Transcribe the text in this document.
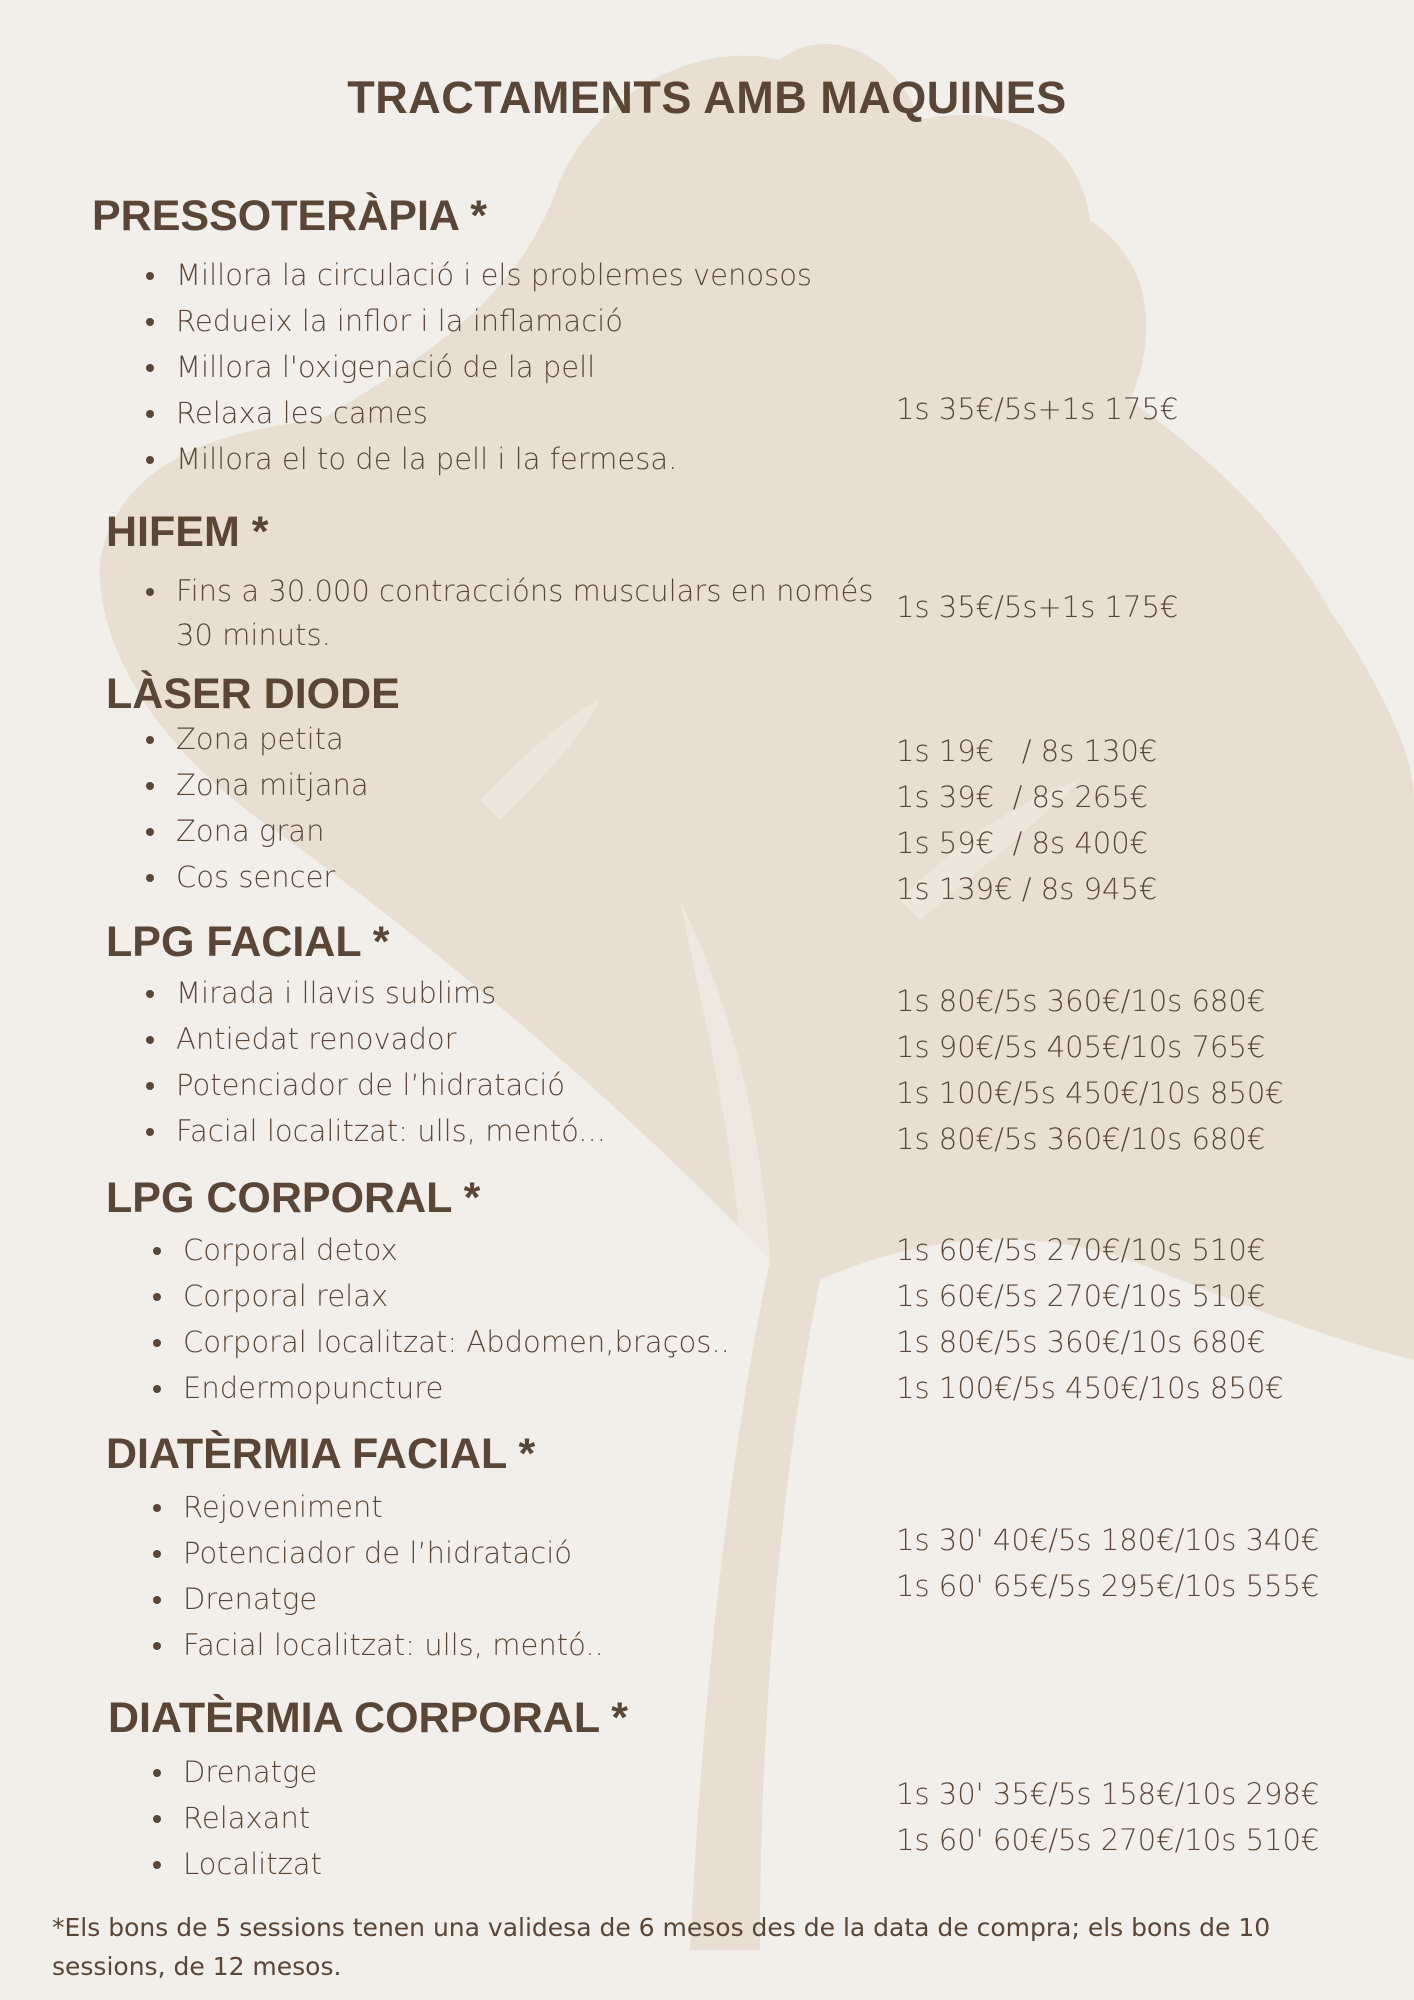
TRACTAMENTS AMB MAQUINES
PRESSOTERÀPIA *
Millora la circulació i els problemes venosos
Redueix la inflor i la inflamació
Millora l'oxigenació de la pell
Relaxa les cames
Millora el to de la pell i la fermesa.
1s 35€/5s+1s 175€
HIFEM *
Fins a 30.000 contraccións musculars en només
30 minuts.
1s 35€/5s+1s 175€
LÀSER DIODE
Zona petita
Zona mitjana
Zona gran
Cos sencer
1s 19€   / 8s 130€
1s 39€  / 8s 265€
1s 59€  / 8s 400€
1s 139€ / 8s 945€
LPG FACIAL *
Mirada i llavis sublims
Antiedat renovador
Potenciador de l’hidratació
Facial localitzat: ulls, mentó...
1s 80€/5s 360€/10s 680€
1s 90€/5s 405€/10s 765€
1s 100€/5s 450€/10s 850€
1s 80€/5s 360€/10s 680€
LPG CORPORAL *
Corporal detox
Corporal relax
Corporal localitzat: Abdomen,braços..
Endermopuncture
1s 60€/5s 270€/10s 510€
1s 60€/5s 270€/10s 510€
1s 80€/5s 360€/10s 680€
1s 100€/5s 450€/10s 850€
DIATÈRMIA FACIAL *
Rejoveniment
Potenciador de l’hidratació
Drenatge
Facial localitzat: ulls, mentó..
1s 30' 40€/5s 180€/10s 340€
1s 60' 65€/5s 295€/10s 555€
DIATÈRMIA CORPORAL *
Drenatge
Relaxant
Localitzat
1s 30' 35€/5s 158€/10s 298€
1s 60' 60€/5s 270€/10s 510€
*Els bons de 5 sessions tenen una validesa de 6 mesos des de la data de compra; els bons de 10 sessions, de 12 mesos.
